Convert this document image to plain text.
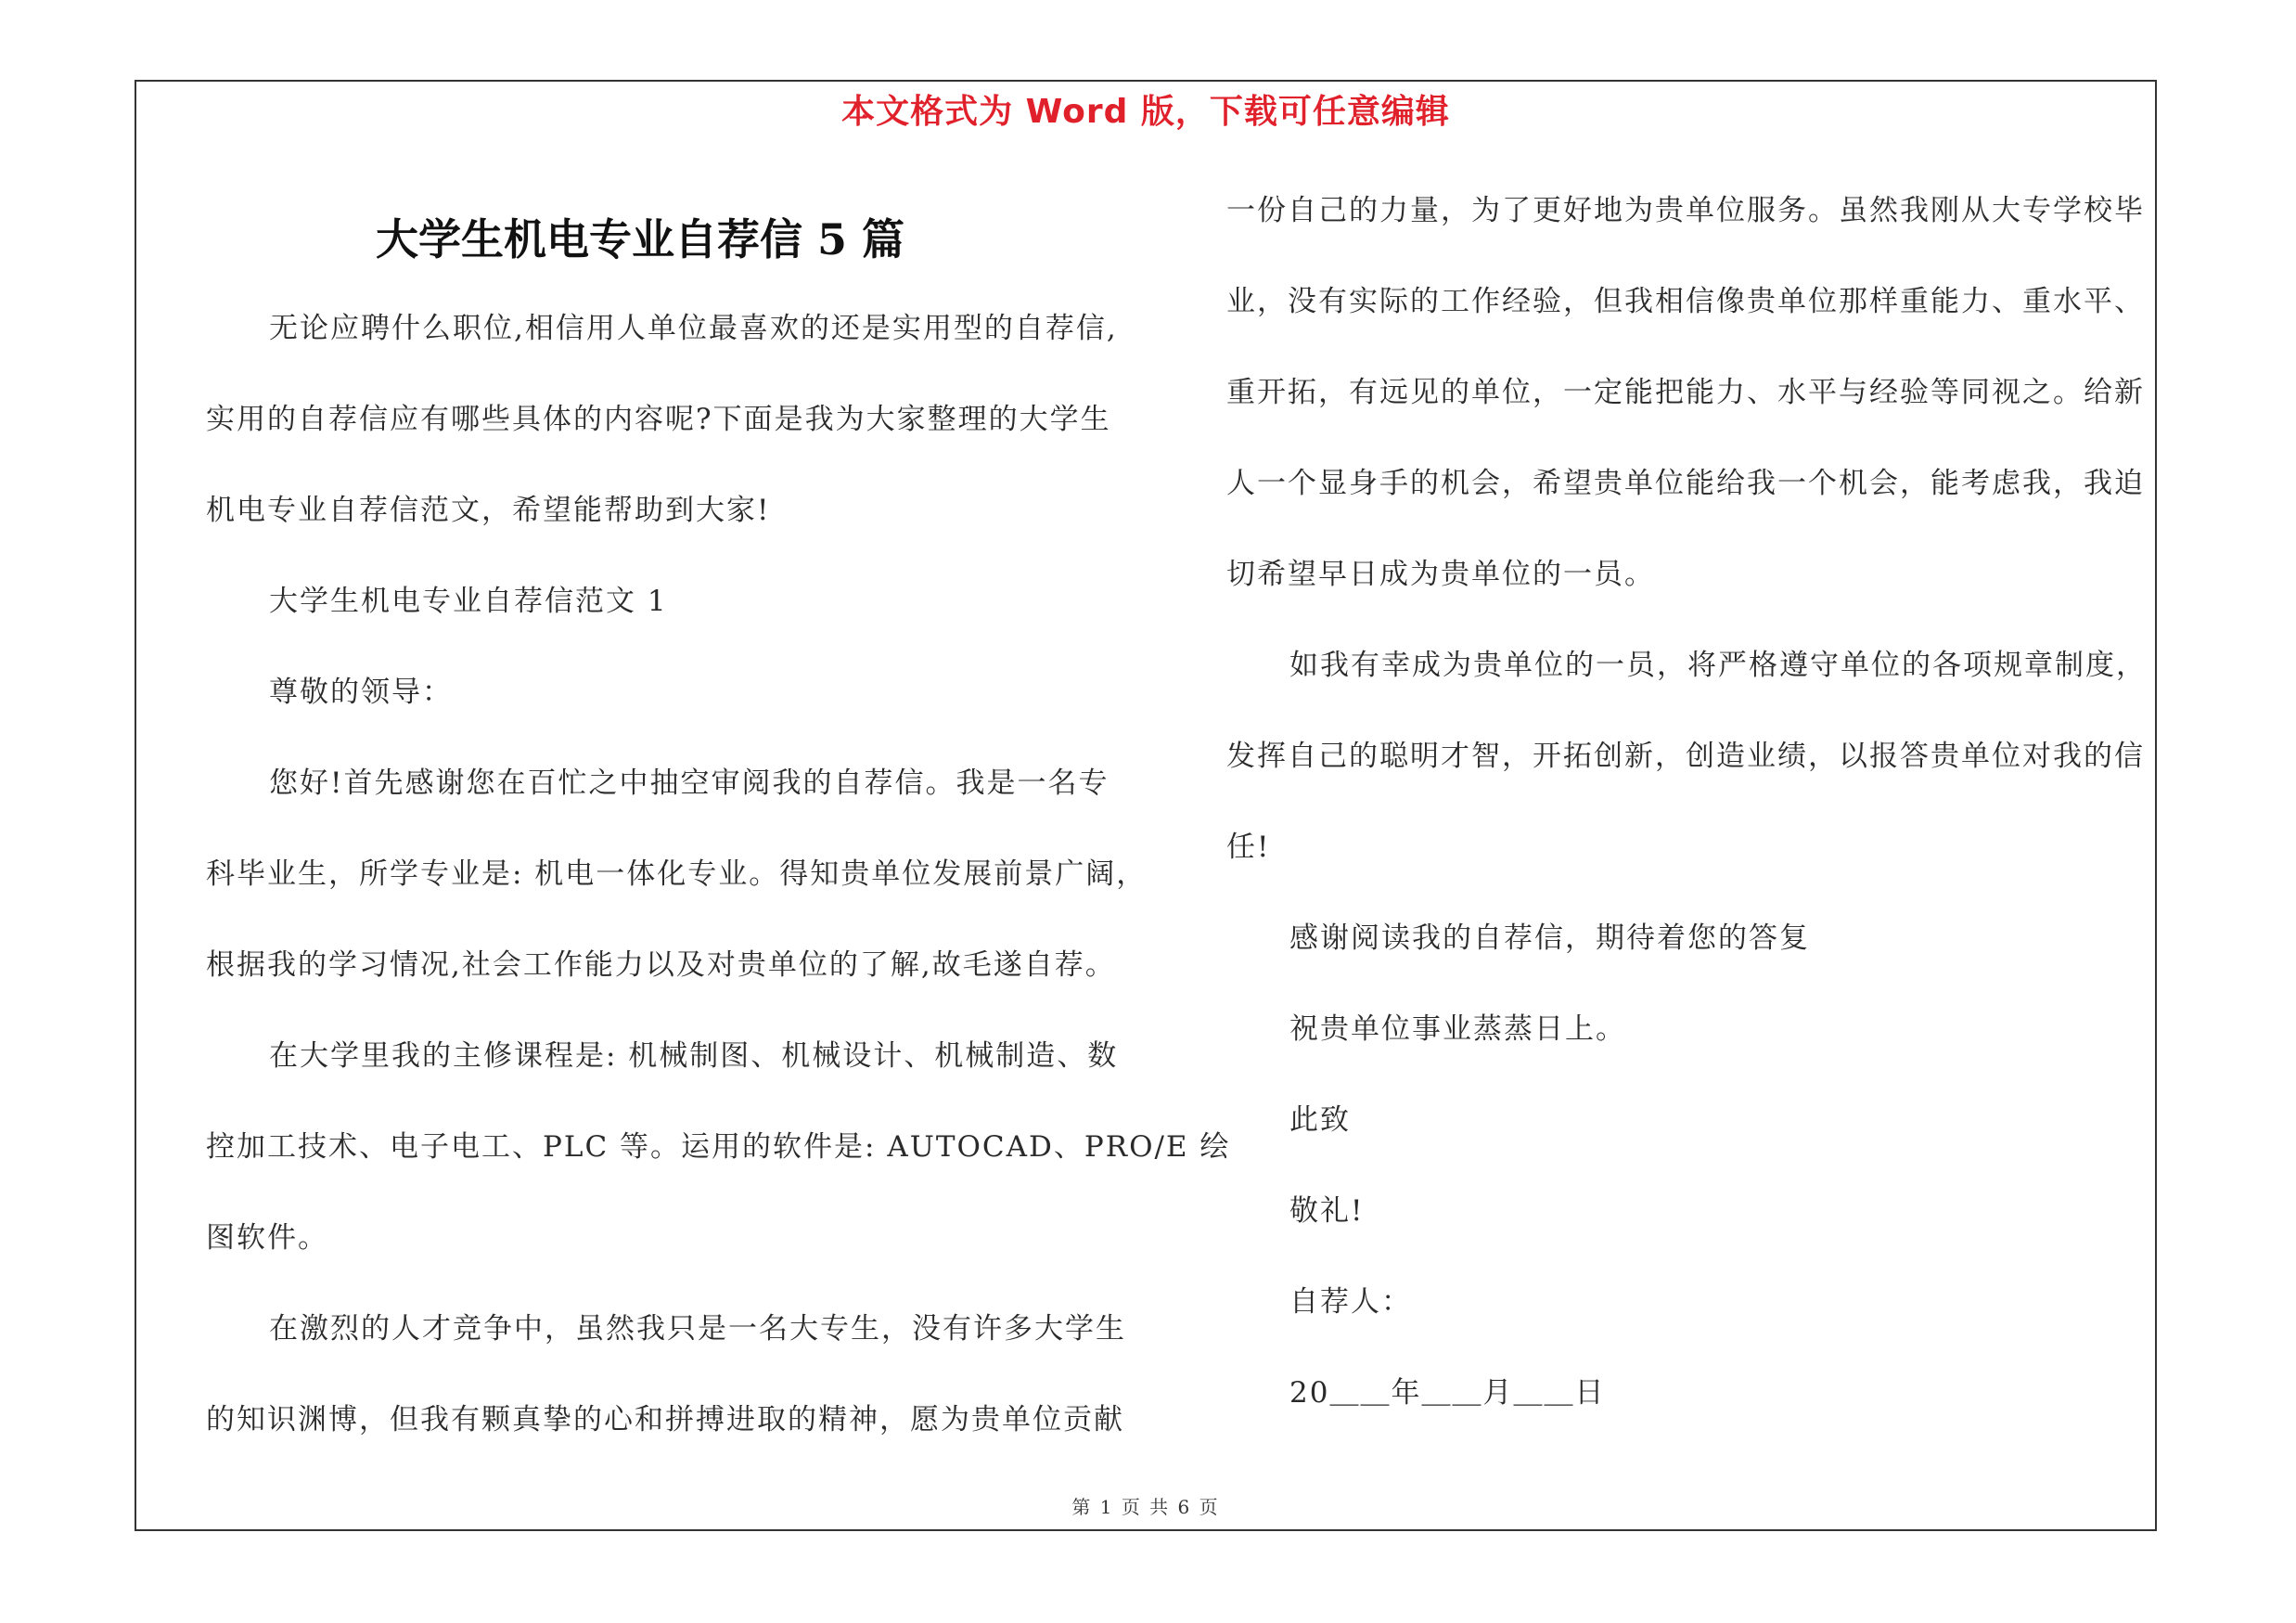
本文格式为 Word 版，下载可任意编辑
大学生机电专业自荐信 5 篇
无论应聘什么职位,相信用人单位最喜欢的还是实用型的自荐信,
实用的自荐信应有哪些具体的内容呢?下面是我为大家整理的大学生
机电专业自荐信范文，希望能帮助到大家!
大学生机电专业自荐信范文 1
尊敬的领导：
您好!首先感谢您在百忙之中抽空审阅我的自荐信。我是一名专
科毕业生，所学专业是: 机电一体化专业。得知贵单位发展前景广阔，
根据我的学习情况,社会工作能力以及对贵单位的了解,故毛遂自荐。
在大学里我的主修课程是: 机械制图、机械设计、机械制造、数
控加工技术、电子电工、PLC 等。运用的软件是: AUTOCAD、PRO/E 绘
图软件。
在激烈的人才竞争中，虽然我只是一名大专生，没有许多大学生
的知识渊博，但我有颗真挚的心和拼搏进取的精神，愿为贵单位贡献
一份自己的力量，为了更好地为贵单位服务。虽然我刚从大专学校毕
业，没有实际的工作经验，但我相信像贵单位那样重能力、重水平、
重开拓，有远见的单位，一定能把能力、水平与经验等同视之。给新
人一个显身手的机会，希望贵单位能给我一个机会，能考虑我，我迫
切希望早日成为贵单位的一员。
如我有幸成为贵单位的一员，将严格遵守单位的各项规章制度，
发挥自己的聪明才智，开拓创新，创造业绩，以报答贵单位对我的信
任!
感谢阅读我的自荐信，期待着您的答复
祝贵单位事业蒸蒸日上。
此致
敬礼!
自荐人：
20＿＿年＿＿月＿＿日
第 1 页 共 6 页
